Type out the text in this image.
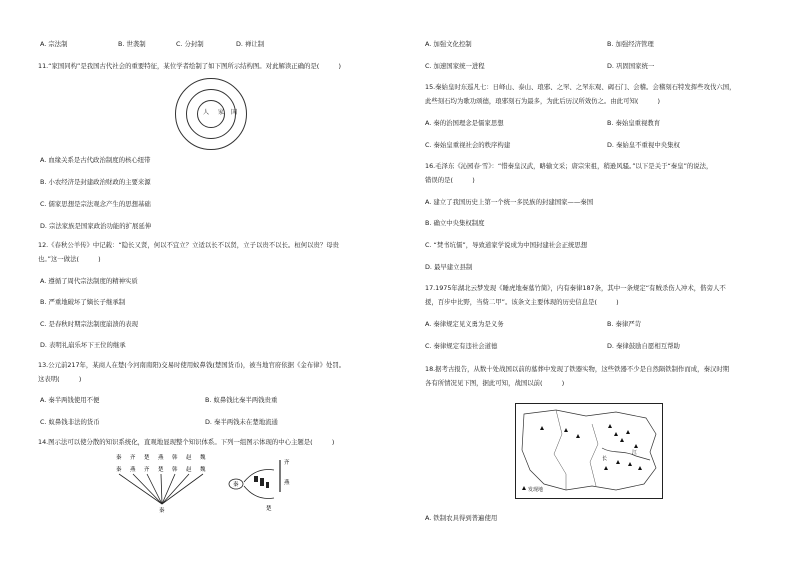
A. 宗法制	B. 世袭制	C. 分封制	D. 禅让制
11.“家国同构”是我国古代社会的重要特征，某位学者绘制了如下图所示结构图。对此解读正确的是(　　　)
人 家 国
A. 血缘关系是古代政治制度的核心纽带
B. 小农经济是封建政治财政的主要来源
C. 儒家思想是宗法观念产生的思想基础
D. 宗法家族是国家政治功能的扩展延伸
12.《春秋公羊传》中记载：“隐长又贤，何以不宜立？立适以长不以贤，立子以贵不以长。桓何以贵？母贵
也。”这一做法(　　　)
A. 遵循了周代宗法制度的精神实质
B. 严重地破坏了嫡长子继承制
C. 是春秋时期宗法制度崩溃的表现
D. 表明礼崩乐坏下王位的继承
13.公元前217年，某商人在楚(今河南南阳)交易时使用蚁鼻钱(楚国货币)，被当地官府依据《金布律》处罚。
这表明(　　　)
A. 秦半两钱使用不便	B. 蚁鼻钱比秦半两钱贵重
C. 蚁鼻钱非法的货币	D. 秦半两钱未在楚地流通
14.图示法可以使分散的知识系统化，直观地显现整个知识体系。下列一组图示体现的中心主题是(　　　)
秦 齐 楚 燕 韩 赵 魏
秦 燕 齐 楚 韩 赵 魏
秦
秦
齐
燕
楚
A. 加强文化控制	B. 加强经济管理
C. 加速国家统一进程	D. 巩固国家统一
15.秦始皇时东巡凡七：日峄山、泰山、琅邪、之罘、之罘东观、碣石门、会稽。会稽刻石特发挥些攻伐六国，
此些刻石均为歌功颂德，琅邪刻石为最多，为此后历汉所效仿之。由此可知(　　　)
A. 秦的治国理念是儒家思想	B. 秦始皇重视教育
C. 秦始皇重视社会的秩序构建	D. 秦始皇不重视中央集权
16.毛泽东《沁园春·雪》：“惜秦皇汉武，略输文采；唐宗宋祖，稍逊风骚。”以下是关于“秦皇”的说法，
错误的是(　　　)
A. 建立了我国历史上第一个统一多民族的封建国家——秦国
B. 确立中央集权制度
C. “焚书坑儒”，导致道家学说成为中国封建社会正统思想
D. 最早建立县制
17.1975年湖北云梦发现《睡虎地秦墓竹简》，内有秦律187条，其中一条规定“有贼杀伤人冲术，偕旁人不
援，百步中比野，当赀二甲”。该条文主要体现的历史信息是(　　　)
A. 秦律规定见义勇为是义务	B. 秦律严苛
C. 秦律规定有违社会道德	D. 秦律鼓励自愿相互帮助
18.据考古报告，从数十处战国以前的墓葬中发现了铁器实物，这些铁器不少是自然陨铁制作而成，秦汉时期
各有所情况见下图，据此可知，战国以前(　　　)
长
江
发现地
A. 铁制农具得到普遍使用
